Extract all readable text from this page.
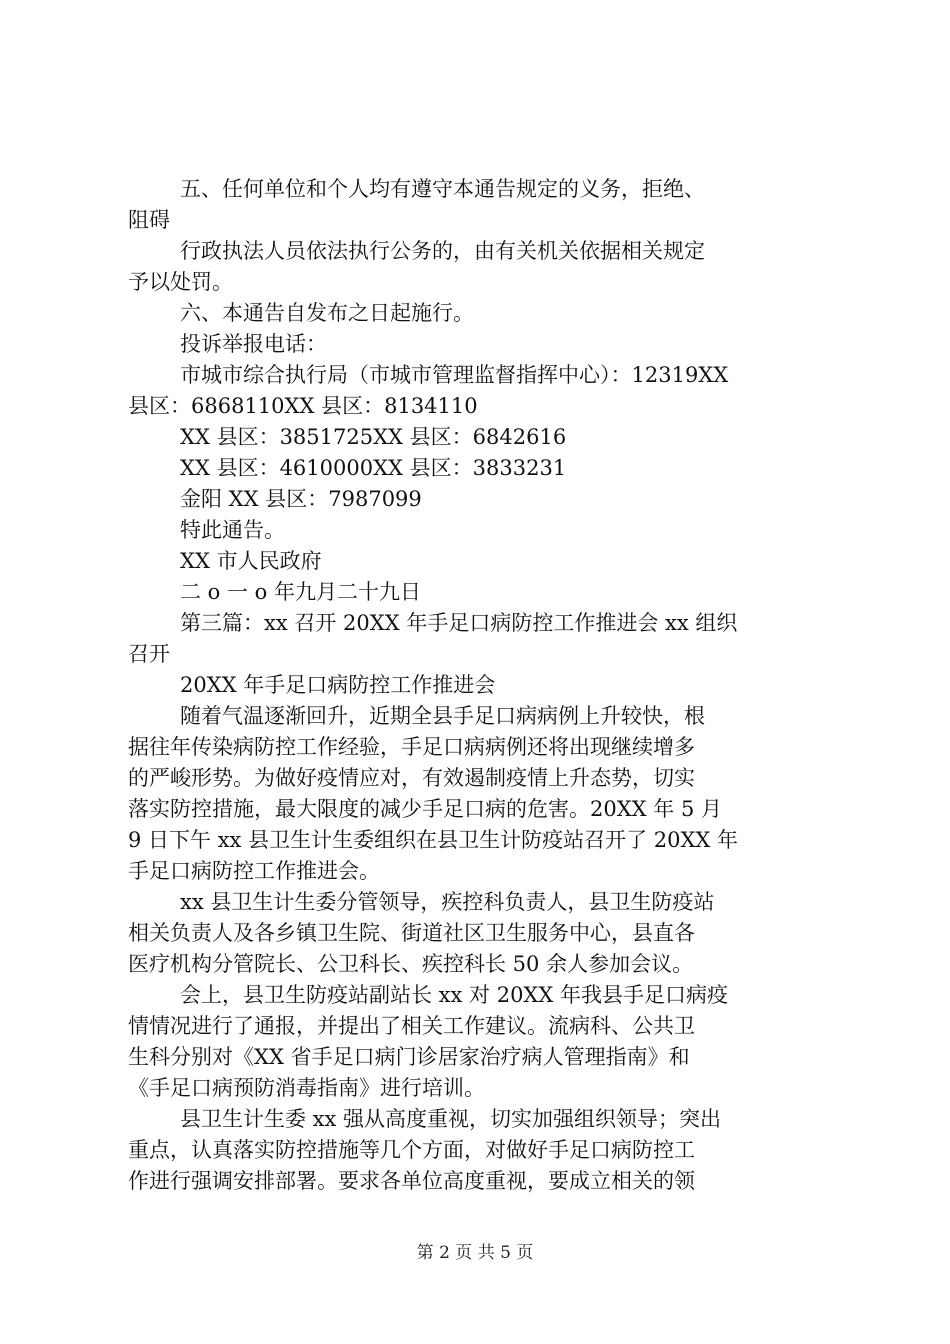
五、任何单位和个人均有遵守本通告规定的义务，拒绝、
阻碍
行政执法人员依法执行公务的，由有关机关依据相关规定
予以处罚。
六、本通告自发布之日起施行。
投诉举报电话：
市城市综合执行局（市城市管理监督指挥中心）：12319XX
县区：6868110XX 县区：8134110
XX 县区：3851725XX 县区：6842616
XX 县区：4610000XX 县区：3833231
金阳 XX 县区：7987099
特此通告。
XX 市人民政府
二 o 一 o 年九月二十九日
第三篇：xx 召开 20XX 年手足口病防控工作推进会 xx 组织
召开
20XX 年手足口病防控工作推进会
随着气温逐渐回升，近期全县手足口病病例上升较快，根
据往年传染病防控工作经验，手足口病病例还将出现继续增多
的严峻形势。为做好疫情应对，有效遏制疫情上升态势，切实
落实防控措施，最大限度的减少手足口病的危害。20XX 年 5 月
9 日下午 xx 县卫生计生委组织在县卫生计防疫站召开了 20XX 年
手足口病防控工作推进会。
xx 县卫生计生委分管领导，疾控科负责人，县卫生防疫站
相关负责人及各乡镇卫生院、街道社区卫生服务中心，县直各
医疗机构分管院长、公卫科长、疾控科长 50 余人参加会议。
会上，县卫生防疫站副站长 xx 对 20XX 年我县手足口病疫
情情况进行了通报，并提出了相关工作建议。流病科、公共卫
生科分别对《XX 省手足口病门诊居家治疗病人管理指南》和
《手足口病预防消毒指南》进行培训。
县卫生计生委 xx 强从高度重视，切实加强组织领导；突出
重点，认真落实防控措施等几个方面，对做好手足口病防控工
作进行强调安排部署。要求各单位高度重视，要成立相关的领
第 2 页 共 5 页
